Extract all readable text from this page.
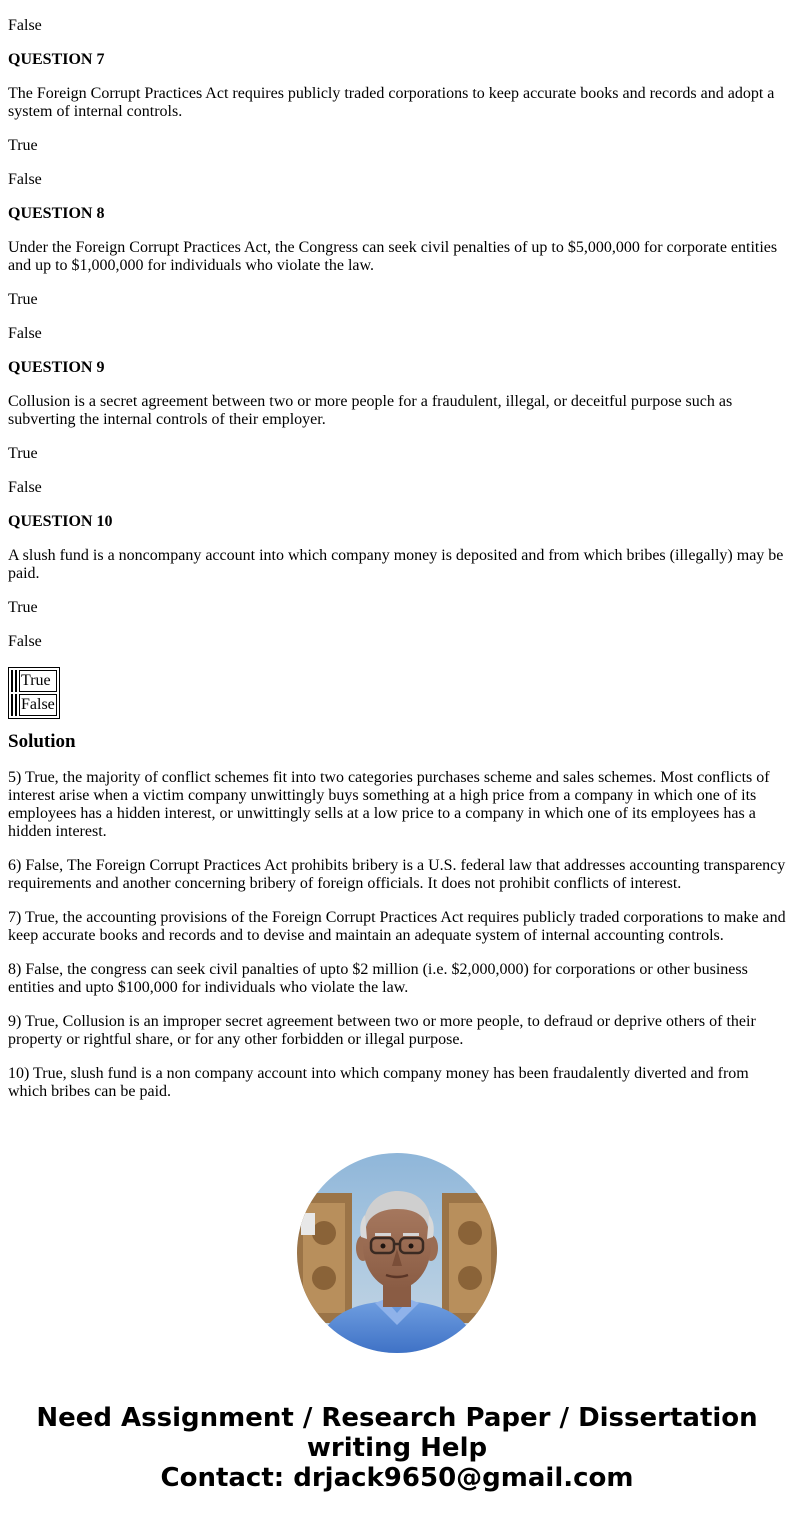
False

QUESTION 7

The Foreign Corrupt Practices Act requires publicly traded corporations to keep accurate books and records and adopt a system of internal controls.

True

False

QUESTION 8

Under the Foreign Corrupt Practices Act, the Congress can seek civil penalties of up to $5,000,000 for corporate entities and up to $1,000,000 for individuals who violate the law.

True

False

QUESTION 9

Collusion is a secret agreement between two or more people for a fraudulent, illegal, or deceitful purpose such as subverting the internal controls of their employer.

True

False

QUESTION 10

A slush fund is a noncompany account into which company money is deposited and from which bribes (illegally) may be paid.

True

False

		True
		False
Solution

5) True, the majority of conflict schemes fit into two categories purchases scheme and sales schemes. Most conflicts of interest arise when a victim company unwittingly buys something at a high price from a company in which one of its employees has a hidden interest, or unwittingly sells at a low price to a company in which one of its employees has a hidden interest.

6) False, The Foreign Corrupt Practices Act prohibits bribery is a U.S. federal law that addresses accounting transparency requirements and another concerning bribery of foreign officials. It does not prohibit conflicts of interest.

7) True, the accounting provisions of the Foreign Corrupt Practices Act requires publicly traded corporations to make and keep accurate books and records and to devise and maintain an adequate system of internal accounting controls.

8) False, the congress can seek civil panalties of upto $2 million (i.e. $2,000,000) for corporations or other business entities and upto $100,000 for individuals who violate the law.

9) True, Collusion is an improper secret agreement between two or more people, to defraud or deprive others of their property or rightful share, or for any other forbidden or illegal purpose.

10) True, slush fund is a non company account into which company money has been fraudalently diverted and from which bribes can be paid.

Need Assignment / Research Paper / Dissertation
writing Help
Contact: drjack9650@gmail.com
